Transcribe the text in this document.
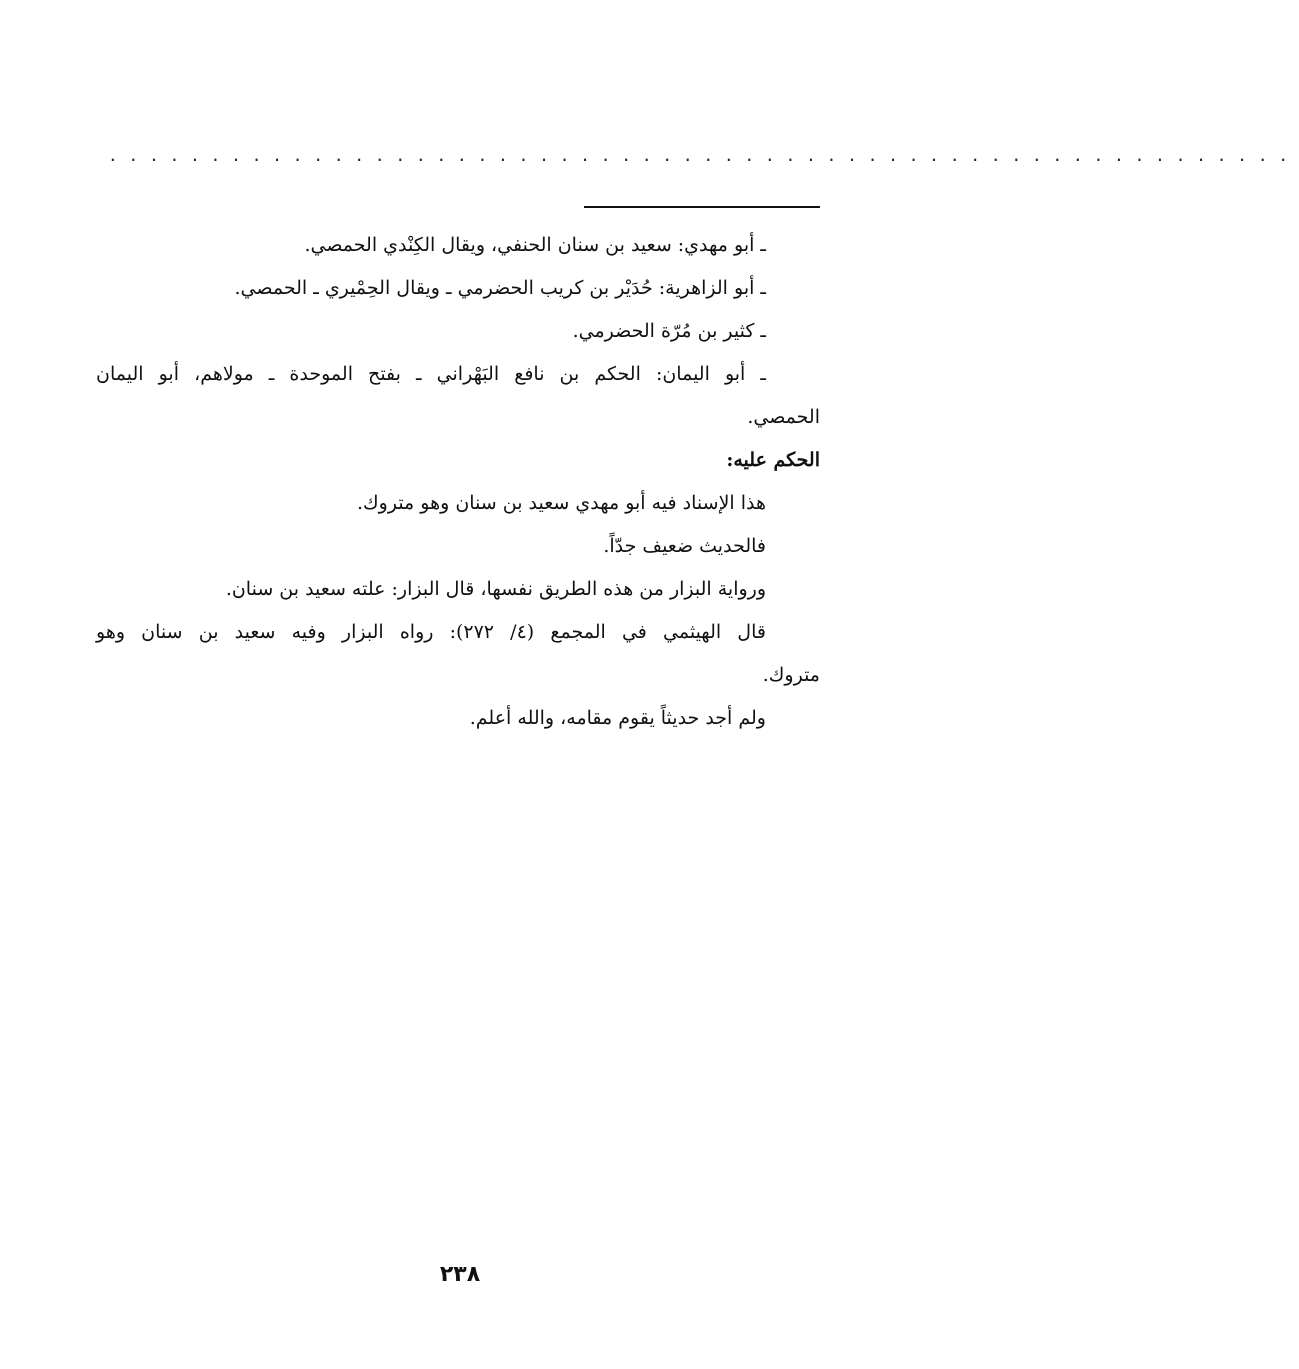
..........................................................
ـ أبو مهدي: سعيد بن سنان الحنفي، ويقال الكِنْدي الحمصي.
ـ أبو الزاهرية: حُدَيْر بن كريب الحضرمي ـ ويقال الحِمْيري ـ الحمصي.
ـ كثير بن مُرّة الحضرمي.
ـ أبو اليمان: الحكم بن نافع البَهْراني ـ بفتح الموحدة ـ مولاهم، أبو اليمان
الحمصي.
الحكم عليه:
هذا الإسناد فيه أبو مهدي سعيد بن سنان وهو متروك.
فالحديث ضعيف جدّاً.
ورواية البزار من هذه الطريق نفسها، قال البزار: علته سعيد بن سنان.
قال الهيثمي في المجمع (٤/ ٢٧٢): رواه البزار وفيه سعيد بن سنان وهو
متروك.
ولم أجد حديثاً يقوم مقامه، والله أعلم.
٢٣٨
